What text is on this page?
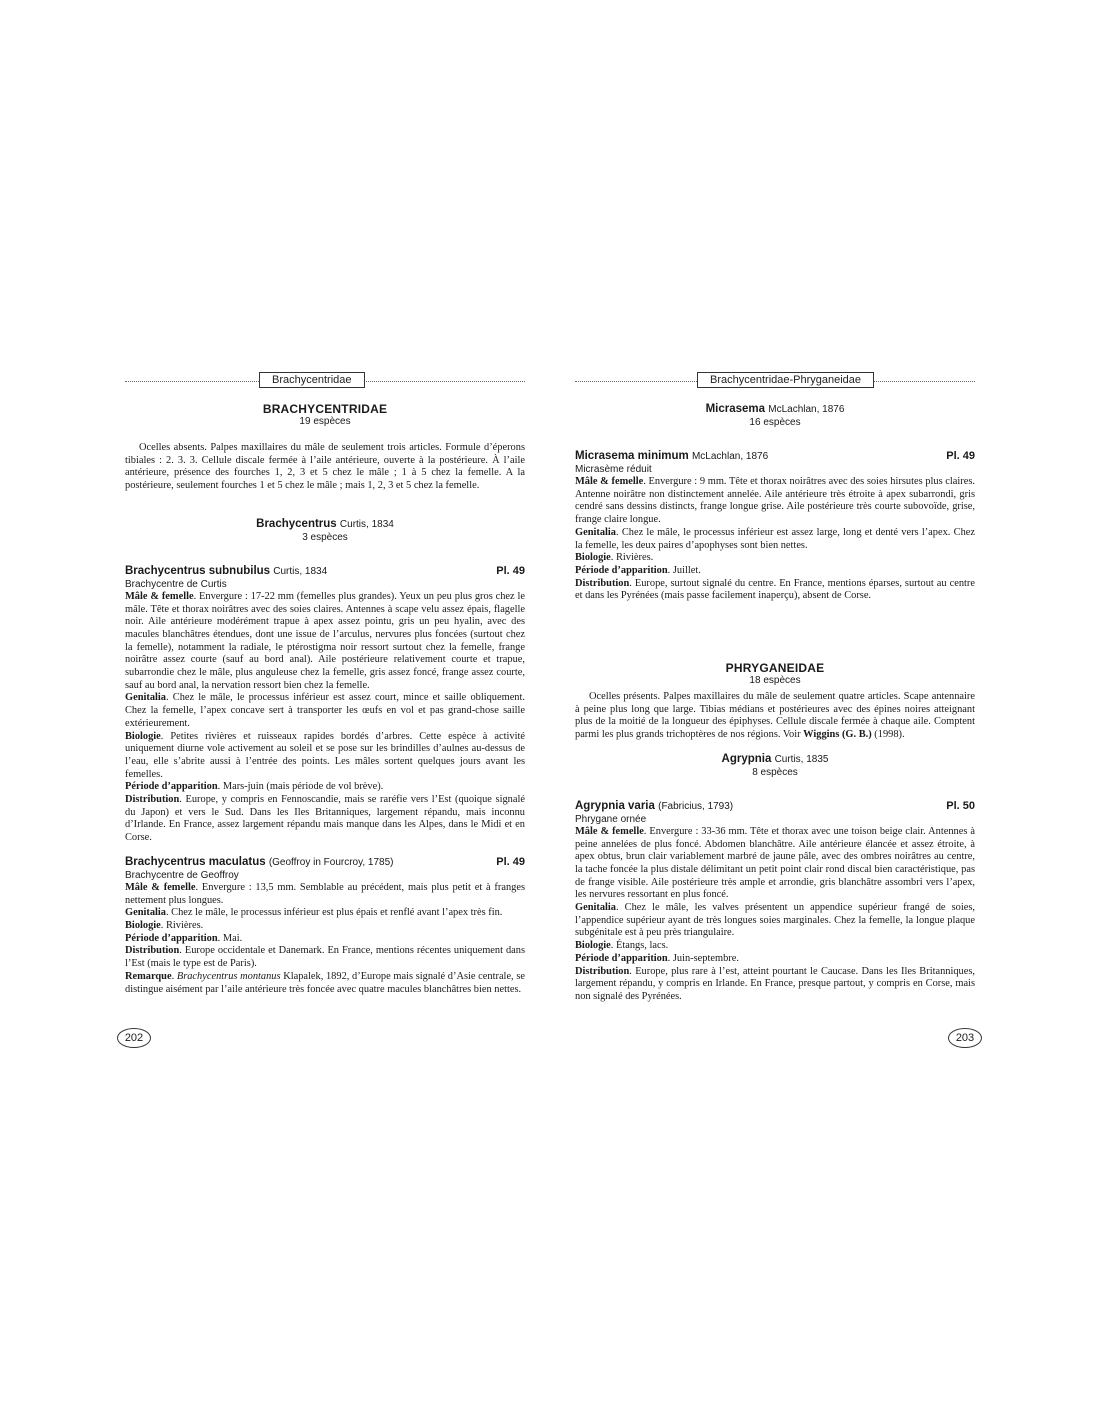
Brachycentridae
BRACHYCENTRIDAE
19 espèces

Ocelles absents. Palpes maxillaires du mâle de seulement trois articles. Formule d’éperons tibiales : 2. 3. 3. Cellule discale fermée à l’aile antérieure, ouverte à la postérieure. À l’aile antérieure, présence des fourches 1, 2, 3 et 5 chez le mâle ; 1 à 5 chez la femelle. A la postérieure, seulement fourches 1 et 5 chez le mâle ; mais 1, 2, 3 et 5 chez la femelle.

Brachycentrus Curtis, 1834
3 espèces
Brachycentrus subnubilus Curtis, 1834	Pl. 49
Brachycentre de Curtis

Mâle & femelle. Envergure : 17-22 mm (femelles plus grandes). Yeux un peu plus gros chez le mâle. Tête et thorax noirâtres avec des soies claires. Antennes à scape velu assez épais, flagelle noir. Aile antérieure modérément trapue à apex assez pointu, gris un peu hyalin, avec des macules blanchâtres étendues, dont une issue de l’arculus, nervures plus foncées (surtout chez la femelle), notamment la radiale, le ptérostigma noir ressort surtout chez la femelle, frange noirâtre assez courte (sauf au bord anal). Aile postérieure relativement courte et trapue, subarrondie chez le mâle, plus anguleuse chez la femelle, gris assez foncé, frange assez courte, sauf au bord anal, la nervation ressort bien chez la femelle.

Genitalia. Chez le mâle, le processus inférieur est assez court, mince et saille obliquement. Chez la femelle, l’apex concave sert à transporter les œufs en vol et pas grand-chose saille extérieurement.

Biologie. Petites rivières et ruisseaux rapides bordés d’arbres. Cette espèce à activité uniquement diurne vole activement au soleil et se pose sur les brindilles d’aulnes au-dessus de l’eau, elle s’abrite aussi à l’entrée des points. Les mâles sortent quelques jours avant les femelles.

Période d’apparition. Mars-juin (mais période de vol brève).

Distribution. Europe, y compris en Fennoscandie, mais se raréfie vers l’Est (quoique signalé du Japon) et vers le Sud. Dans les Iles Britanniques, largement répandu, mais inconnu d’Irlande. En France, assez largement répandu mais manque dans les Alpes, dans le Midi et en Corse.

Brachycentrus maculatus (Geoffroy in Fourcroy, 1785)	Pl. 49
Brachycentre de Geoffroy

Mâle & femelle. Envergure : 13,5 mm. Semblable au précédent, mais plus petit et à franges nettement plus longues.

Genitalia. Chez le mâle, le processus inférieur est plus épais et renflé avant l’apex très fin.

Biologie. Rivières.

Période d’apparition. Mai.

Distribution. Europe occidentale et Danemark. En France, mentions récentes uniquement dans l’Est (mais le type est de Paris).

Remarque. Brachycentrus montanus Klapalek, 1892, d’Europe mais signalé d’Asie centrale, se distingue aisément par l’aile antérieure très foncée avec quatre macules blanchâtres bien nettes.

202
Brachycentridae-Phryganeidae
Micrasema McLachlan, 1876
16 espèces
Micrasema minimum McLachlan, 1876	Pl. 49
Micrasème réduit

Mâle & femelle. Envergure : 9 mm. Tête et thorax noirâtres avec des soies hirsutes plus claires. Antenne noirâtre non distinctement annelée. Aile antérieure très étroite à apex subarrondi, gris cendré sans dessins distincts, frange longue grise. Aile postérieure très courte subovoïde, grise, frange claire longue.

Genitalia. Chez le mâle, le processus inférieur est assez large, long et denté vers l’apex. Chez la femelle, les deux paires d’apophyses sont bien nettes.

Biologie. Rivières.

Période d’apparition. Juillet.

Distribution. Europe, surtout signalé du centre. En France, mentions éparses, surtout au centre et dans les Pyrénées (mais passe facilement inaperçu), absent de Corse.

PHRYGANEIDAE
18 espèces

Ocelles présents. Palpes maxillaires du mâle de seulement quatre articles. Scape antennaire à peine plus long que large. Tibias médians et postérieures avec des épines noires atteignant plus de la moitié de la longueur des épiphyses. Cellule discale fermée à chaque aile. Comptent parmi les plus grands trichoptères de nos régions. Voir Wiggins (G. B.) (1998).

Agrypnia Curtis, 1835
8 espèces
Agrypnia varia (Fabricius, 1793)	Pl. 50
Phrygane ornée

Mâle & femelle. Envergure : 33-36 mm. Tête et thorax avec une toison beige clair. Antennes à peine annelées de plus foncé. Abdomen blanchâtre. Aile antérieure élancée et assez étroite, à apex obtus, brun clair variablement marbré de jaune pâle, avec des ombres noirâtres au centre, la tache foncée la plus distale délimitant un petit point clair rond discal bien caractéristique, pas de frange visible. Aile postérieure très ample et arrondie, gris blanchâtre assombri vers l’apex, les nervures ressortant en plus foncé.

Genitalia. Chez le mâle, les valves présentent un appendice supérieur frangé de soies, l’appendice supérieur ayant de très longues soies marginales. Chez la femelle, la longue plaque subgénitale est à peu près triangulaire.

Biologie. Étangs, lacs.

Période d’apparition. Juin-septembre.

Distribution. Europe, plus rare à l’est, atteint pourtant le Caucase. Dans les Iles Britanniques, largement répandu, y compris en Irlande. En France, presque partout, y compris en Corse, mais non signalé des Pyrénées.

203
